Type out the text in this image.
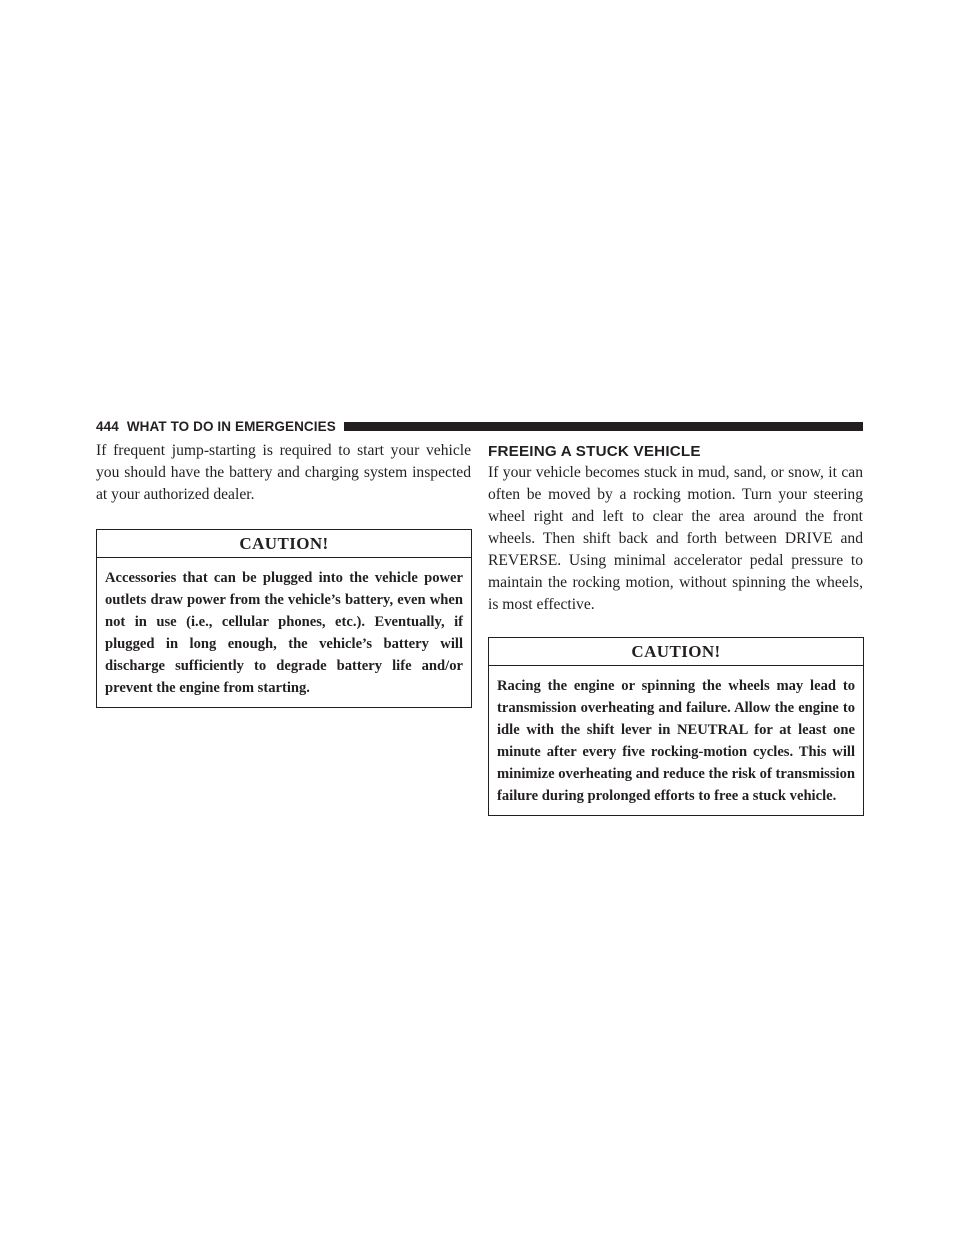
444 WHAT TO DO IN EMERGENCIES

If frequent jump-starting is required to start your vehicle you should have the battery and charging system inspected at your authorized dealer.

CAUTION!
Accessories that can be plugged into the vehicle power outlets draw power from the vehicle’s battery, even when not in use (i.e., cellular phones, etc.). Eventually, if plugged in long enough, the vehicle’s battery will discharge sufficiently to degrade battery life and/or prevent the engine from starting.
FREEING A STUCK VEHICLE

If your vehicle becomes stuck in mud, sand, or snow, it can often be moved by a rocking motion. Turn your steering wheel right and left to clear the area around the front wheels. Then shift back and forth between DRIVE and REVERSE. Using minimal accelerator pedal pressure to maintain the rocking motion, without spinning the wheels, is most effective.

CAUTION!
Racing the engine or spinning the wheels may lead to transmission overheating and failure. Allow the engine to idle with the shift lever in NEUTRAL for at least one minute after every five rocking-motion cycles. This will minimize overheating and reduce the risk of transmission failure during prolonged efforts to free a stuck vehicle.
